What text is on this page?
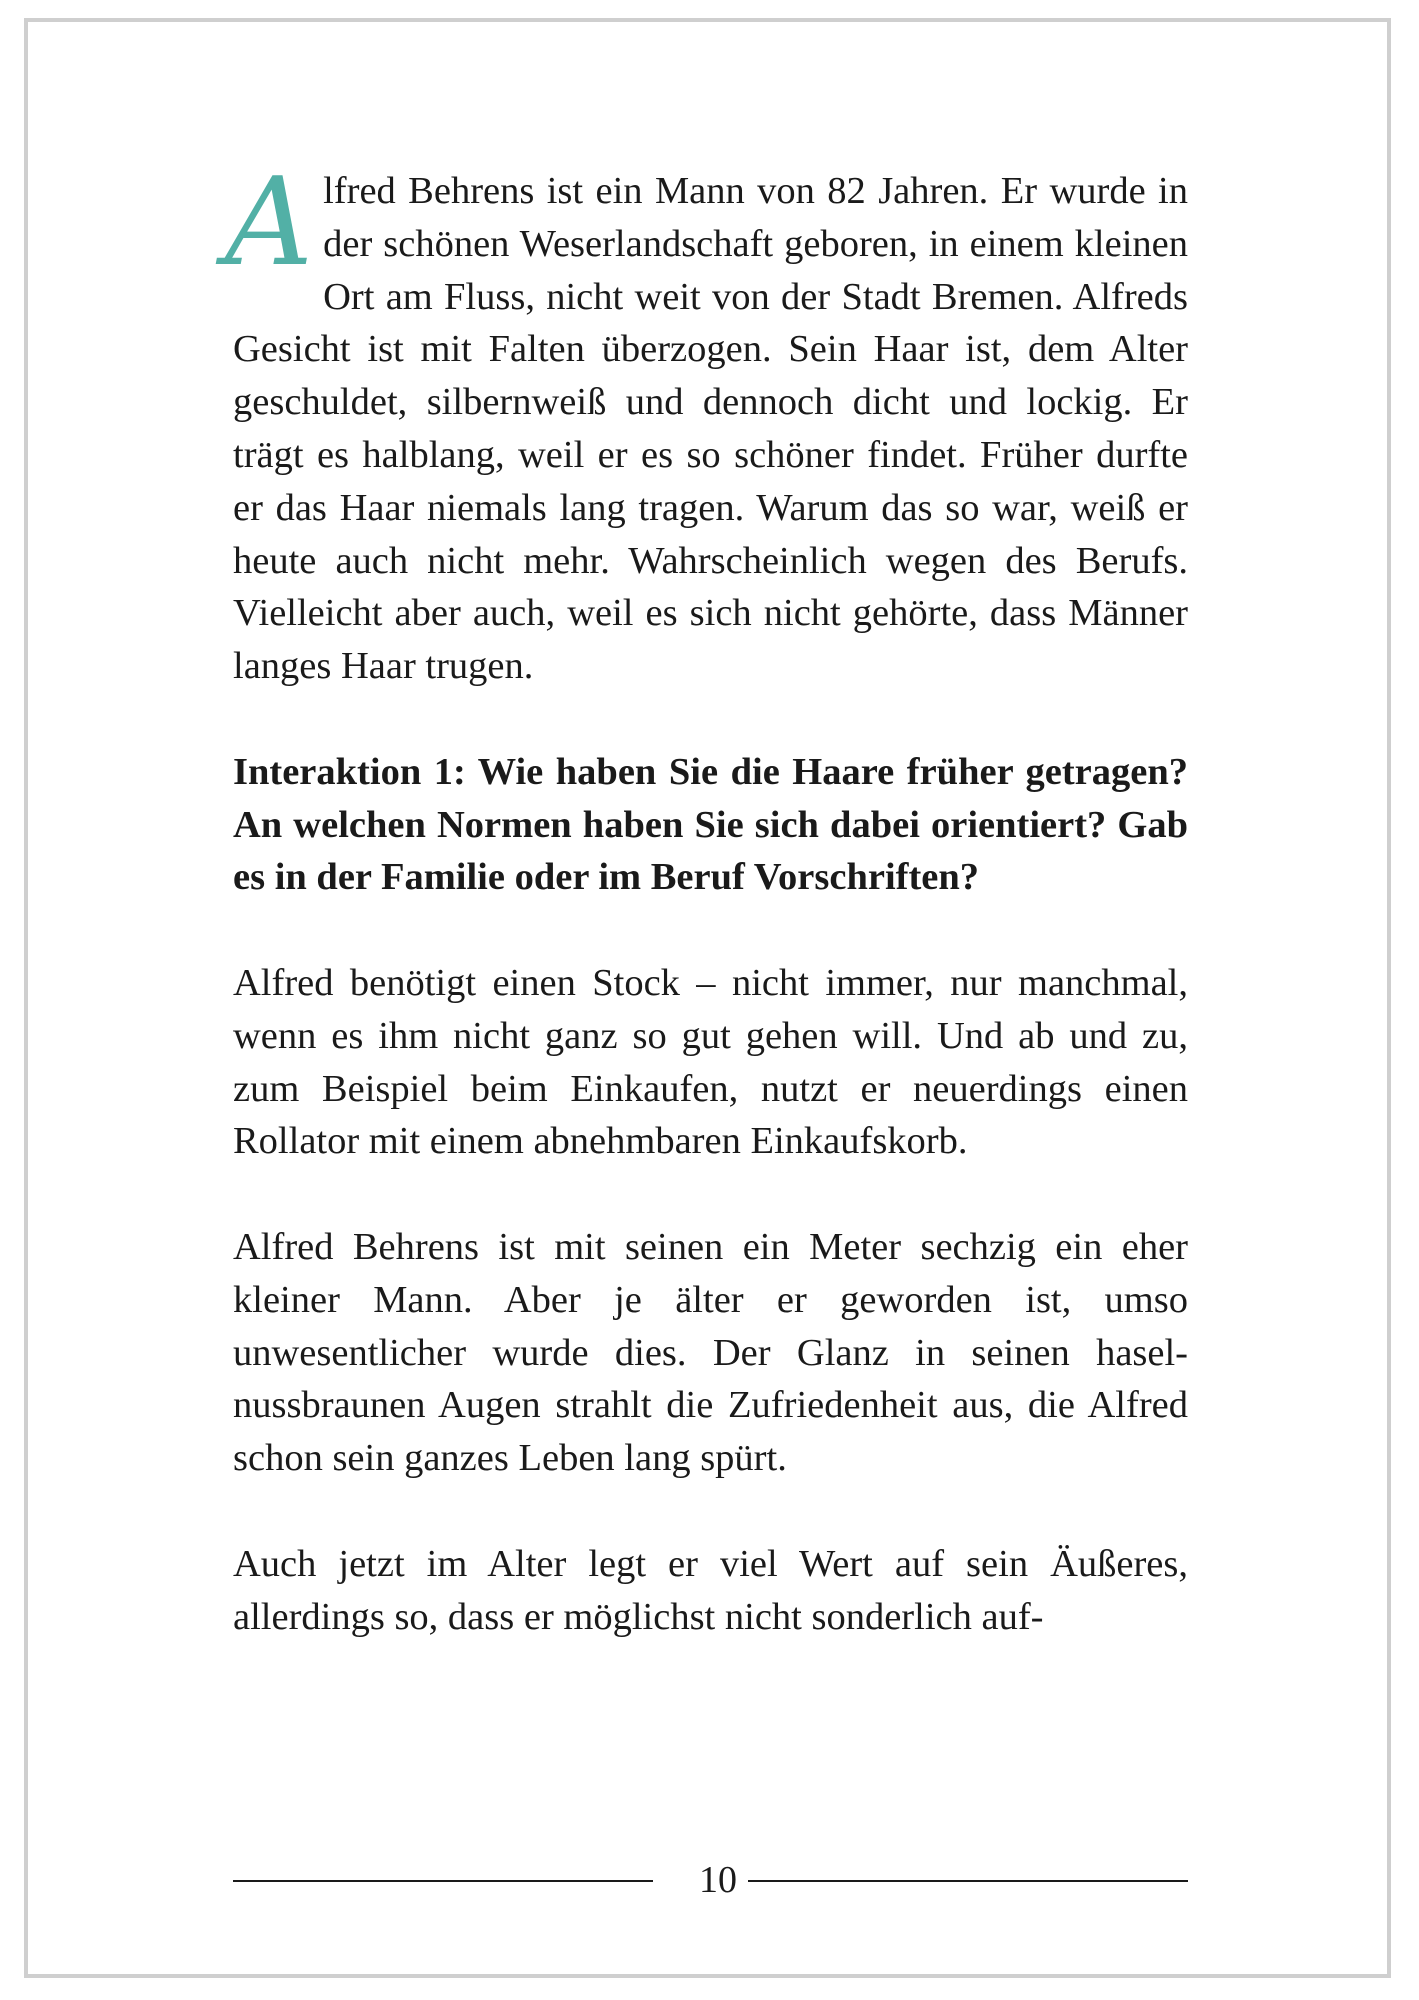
Alfred Behrens ist ein Mann von 82 Jahren. Er wurde in der schönen Weserlandschaft geboren, in einem kleinen Ort am Fluss, nicht weit von der Stadt Bremen. Alfreds Gesicht ist mit Falten überzogen. Sein Haar ist, dem Alter geschuldet, silbernweiß und dennoch dicht und lockig. Er trägt es halblang, weil er es so schöner findet. Früher durfte er das Haar niemals lang tragen. Warum das so war, weiß er heute auch nicht mehr. Wahrscheinlich wegen des Berufs. Vielleicht aber auch, weil es sich nicht gehörte, dass Männer langes Haar trugen.

Interaktion 1: Wie haben Sie die Haare früher getragen? An welchen Normen haben Sie sich dabei orientiert? Gab es in der Familie oder im Beruf Vorschriften?

Alfred benötigt einen Stock – nicht immer, nur manchmal, wenn es ihm nicht ganz so gut gehen will. Und ab und zu, zum Beispiel beim Einkaufen, nutzt er neuerdings einen Rollator mit einem abnehmbaren Einkaufskorb.

Alfred Behrens ist mit seinen ein Meter sechzig ein eher kleiner Mann. Aber je älter er geworden ist, umso unwesentlicher wurde dies. Der Glanz in seinen haselnussbraunen Augen strahlt die Zufriedenheit aus, die Alfred schon sein ganzes Leben lang spürt.

Auch jetzt im Alter legt er viel Wert auf sein Äußeres, allerdings so, dass er möglichst nicht sonderlich auf-

10
